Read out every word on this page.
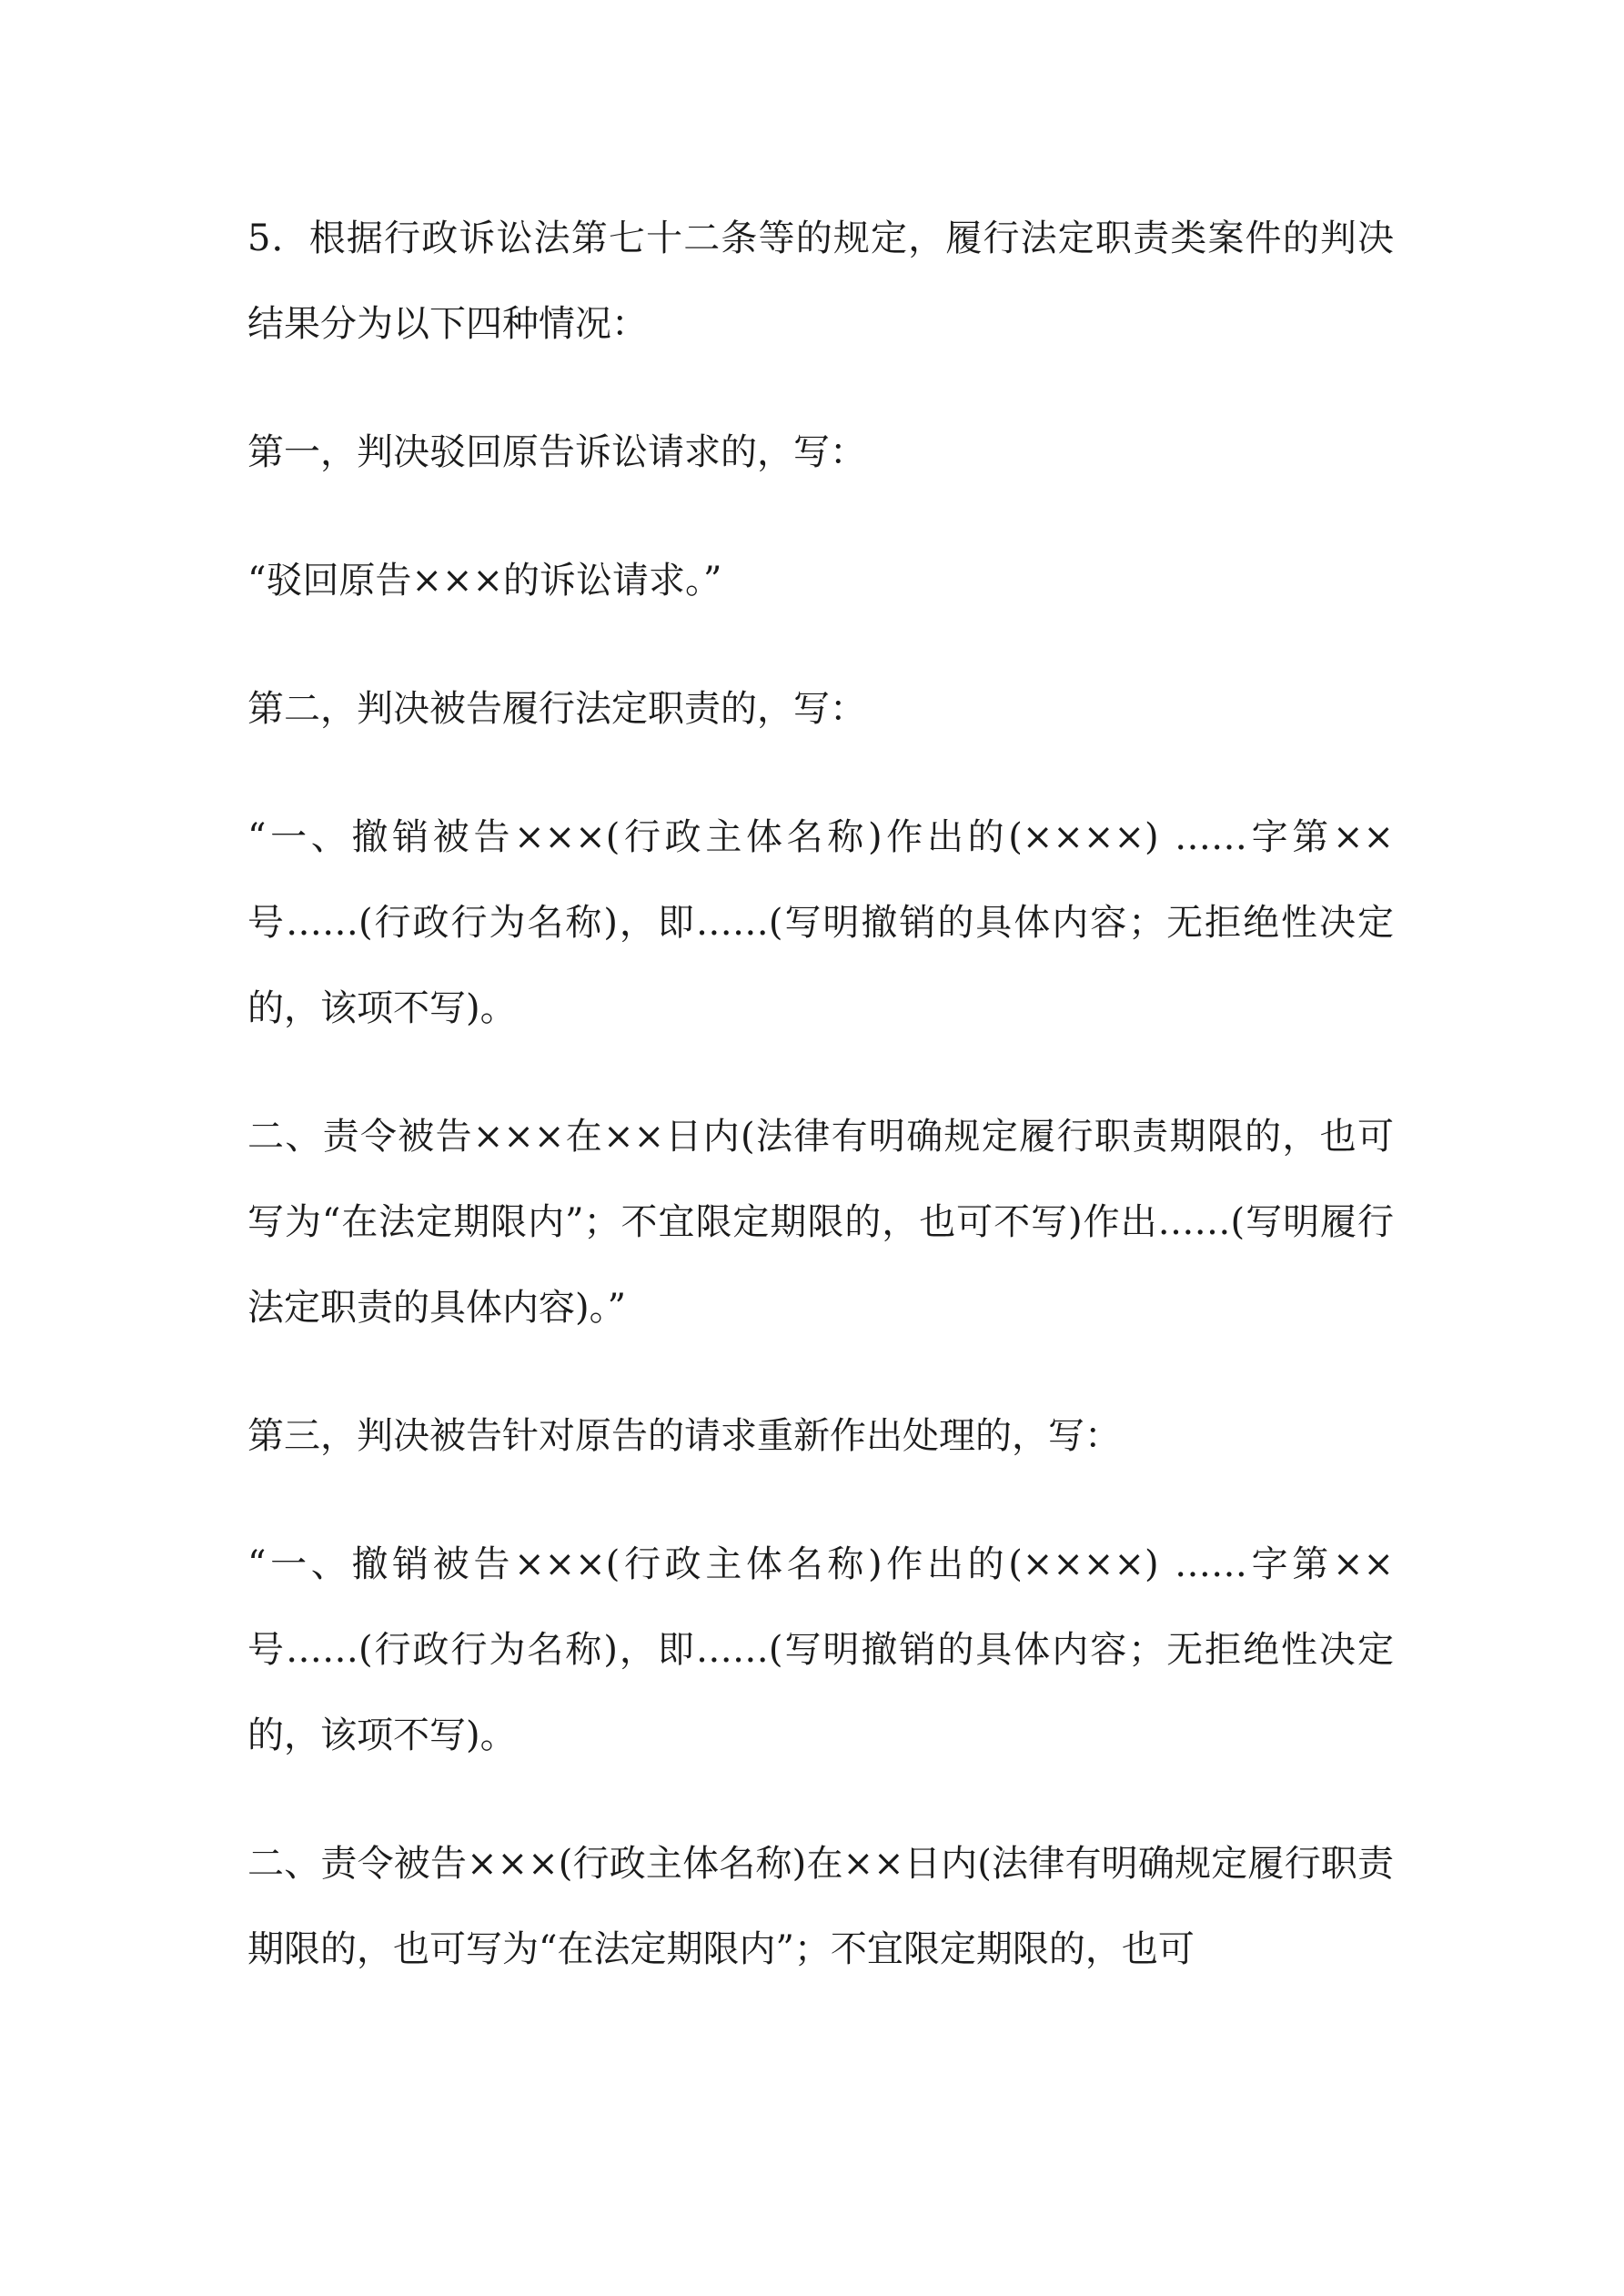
5．根据行政诉讼法第七十二条等的规定，履行法定职责类案件的判决结果分为以下四种情况：

第一，判决驳回原告诉讼请求的，写：

“驳回原告×××的诉讼请求。”

第二，判决被告履行法定职责的，写：

“一、撤销被告×××(行政主体名称)作出的(××××) ……字第××号……(行政行为名称)，即……(写明撤销的具体内容；无拒绝性决定的，该项不写)。

二、责令被告×××在××日内(法律有明确规定履行职责期限的，也可写为“在法定期限内”；不宜限定期限的，也可不写)作出……(写明履行法定职责的具体内容)。”

第三，判决被告针对原告的请求重新作出处理的，写：

“一、撤销被告×××(行政主体名称)作出的(××××) ……字第××号……(行政行为名称)，即……(写明撤销的具体内容；无拒绝性决定的，该项不写)。

二、责令被告×××(行政主体名称)在××日内(法律有明确规定履行职责期限的，也可写为“在法定期限内”；不宜限定期限的，也可
